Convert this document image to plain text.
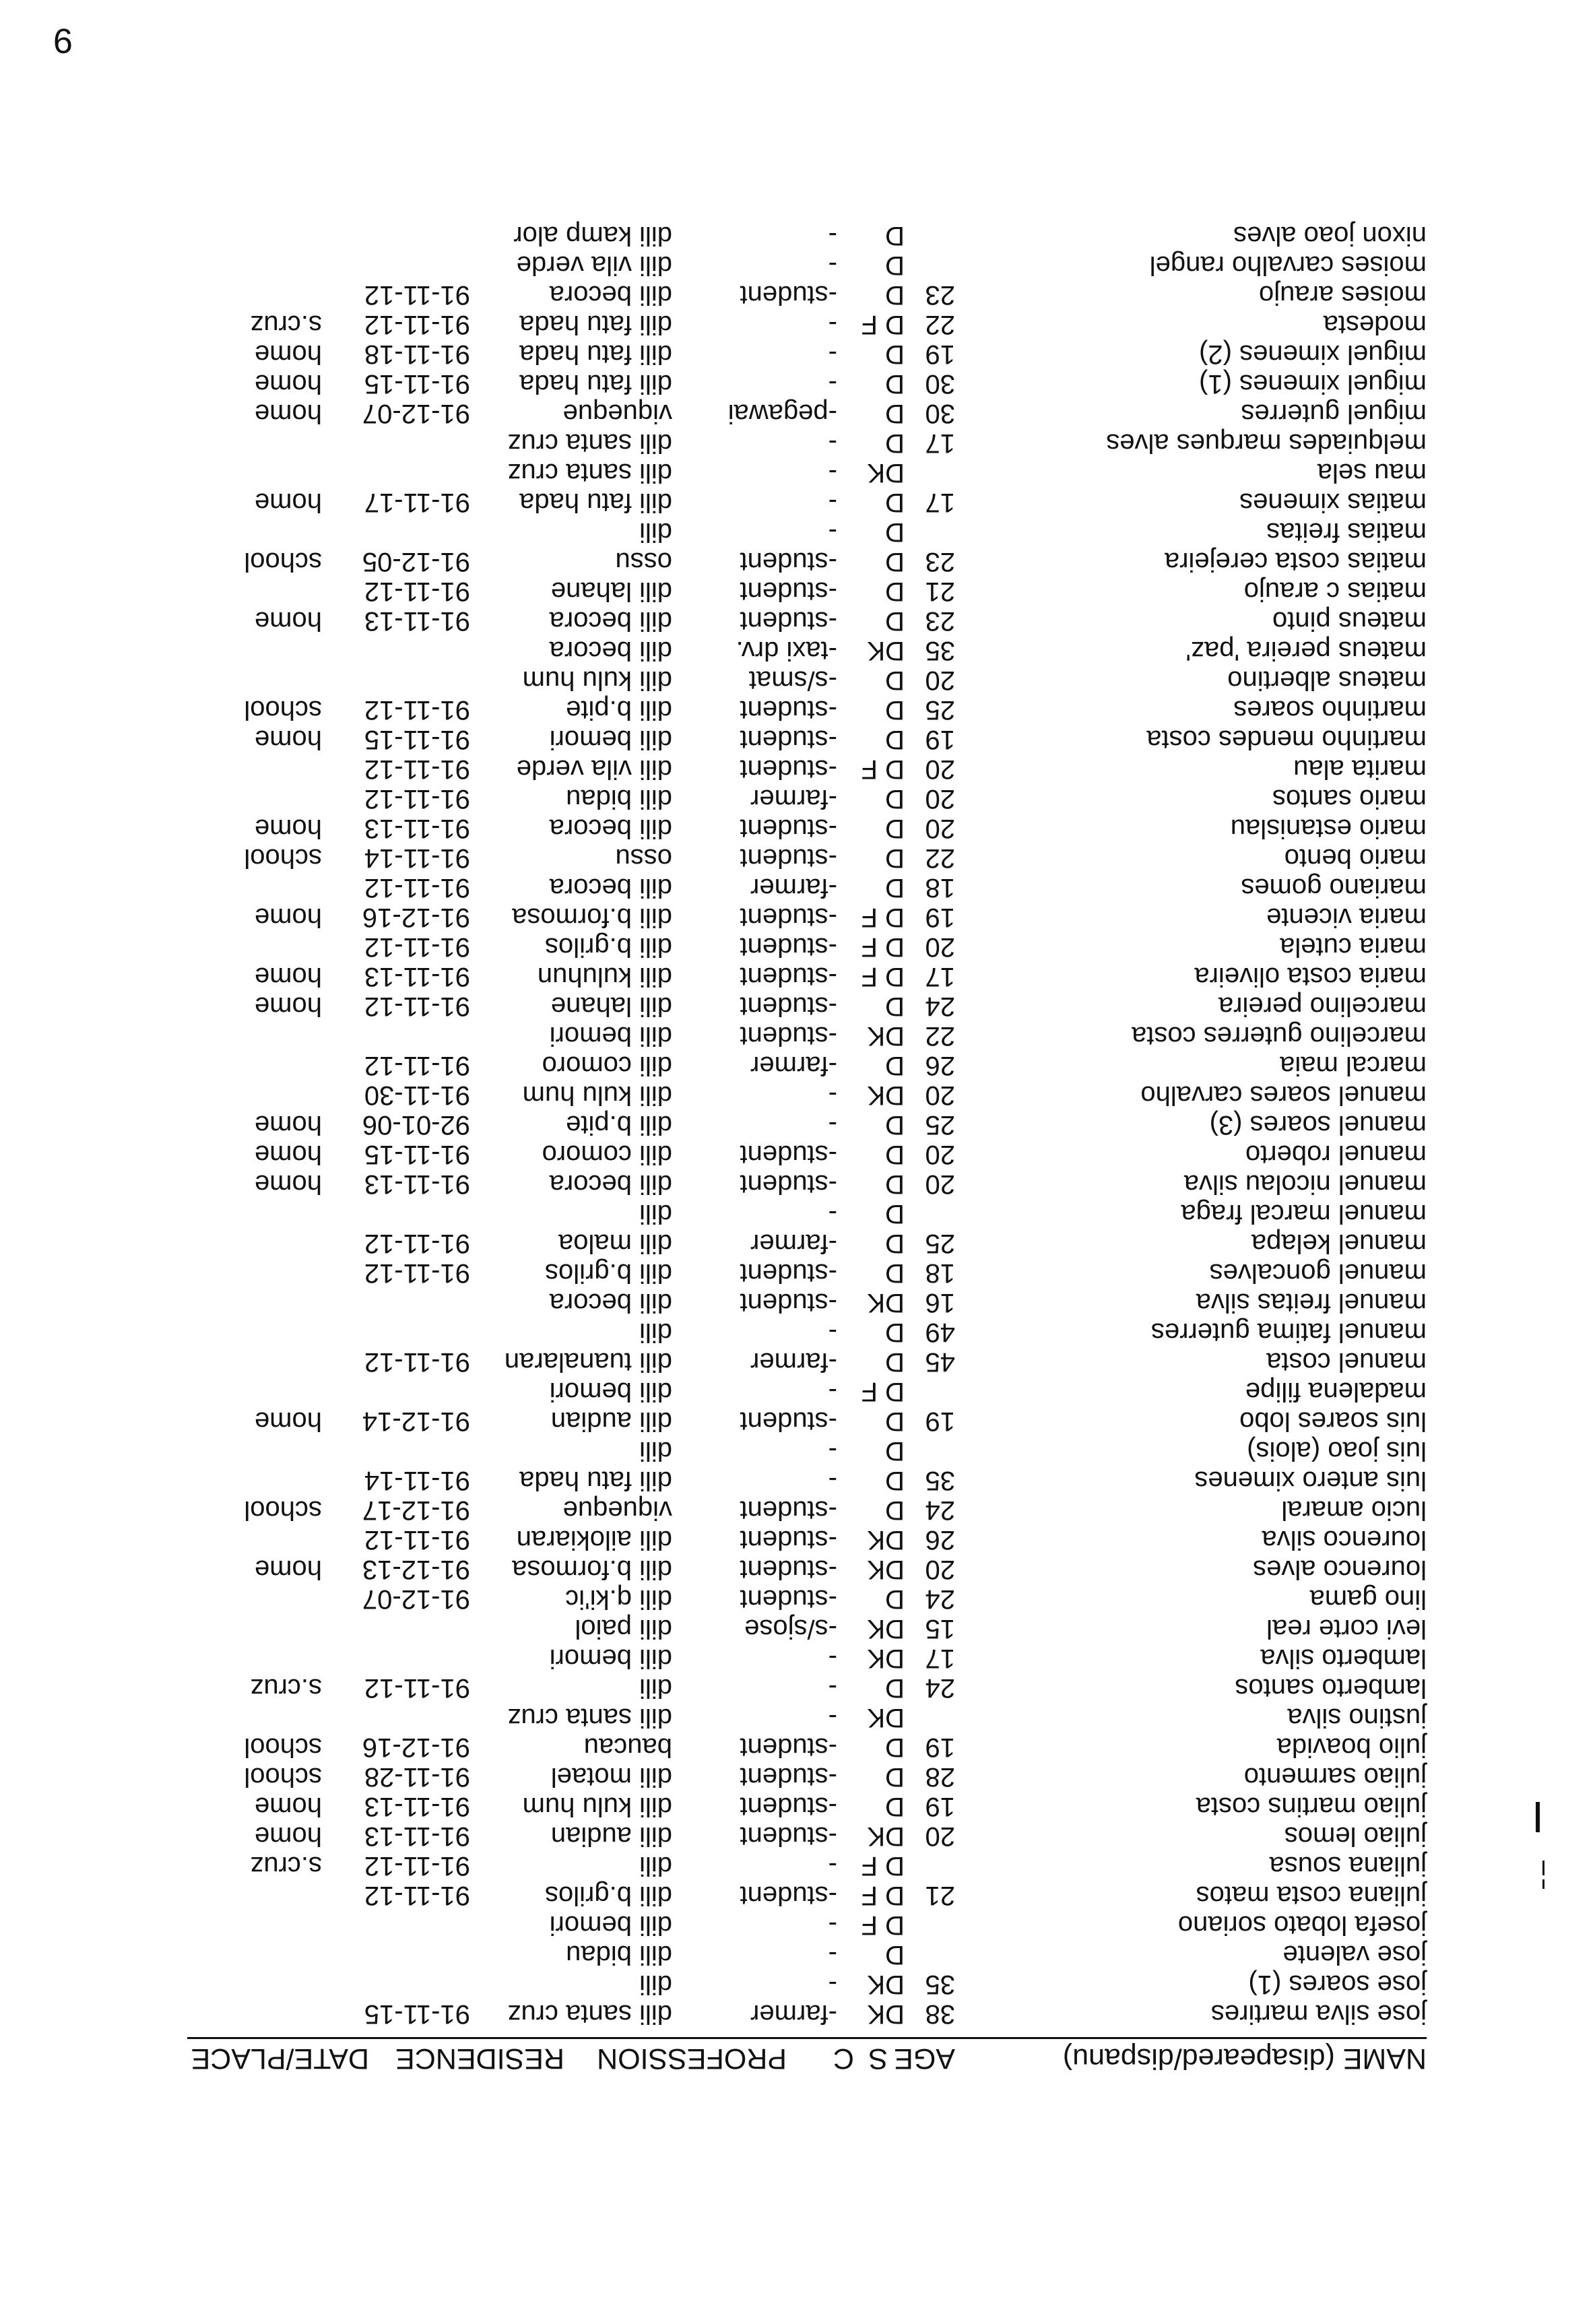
9
NAME (disapeared/dispanu)
AGE
S
C
PROFESSION
RESIDENCE
DATE/PLACE
jose silva martires
38
DK
-farmer
dili santa cruz
91-11-15
jose soares (1)
35
DK
-
dili
jose valente
D
-
dili bidau
josefa lobato soriano
D
F
-
dili bemori
juliana costa matos
21
D
F
-student
dili b.grilos
91-11-12
juliana sousa
D
F
-
dili
91-11-12
s.cruz
juliao lemos
20
DK
-student
dili audian
91-11-13
home
juliao martins costa
19
D
-student
dili kulu hum
91-11-13
home
juliao sarmento
28
D
-student
dili motael
91-11-28
school
julio boavida
19
D
-student
baucau
91-12-16
school
justino silva
DK
-
dili santa cruz
lamberto santos
24
D
-
dili
91-11-12
s.cruz
lamberto silva
17
DK
-
dili bemori
levi corte real
15
DK
-s/sjose
dili paiol
lino gama
24
D
-student
dili q.ki'ic
91-12-07
lourenco alves
20
DK
-student
dili b.formosa
91-12-13
home
lourenco silva
26
DK
-student
dili ailokiaran
91-11-12
lucio amaral
24
D
-student
viqueque
91-12-17
school
luis antero ximenes
35
D
-
dili fatu hada
91-11-14
luis joao (alois)
D
-
dili
luis soares lobo
19
D
-student
dili audian
91-12-14
home
madalena filipe
D
F
-
dili bemori
manuel costa
45
D
-farmer
dili tuanalaran
91-11-12
manuel fatima guterres
49
D
-
dili
manuel freitas silva
16
DK
-student
dili becora
manuel goncalves
18
D
-student
dili b.grilos
91-11-12
manuel kelapa
25
D
-farmer
dili maloa
91-11-12
manuel marcal fraga
D
-
dili
manuel nicolau silva
20
D
-student
dili becora
91-11-13
home
manuel roberto
20
D
-student
dili comoro
91-11-15
home
manuel soares (3)
25
D
-
dili b.pite
92-01-06
home
manuel soares carvalho
20
DK
-
dili kulu hum
91-11-30
marcal maia
26
D
-farmer
dili comoro
91-11-12
marcelino guterres costa
22
DK
-student
dili bemori
marcelino pereira
24
D
-student
dili lahane
91-11-12
home
maria costa oliveira
17
D
F
-student
dili kuluhun
91-11-13
home
maria cutela
20
D
F
-student
dili b.grilos
91-11-12
maria vicente
19
D
F
-student
dili b.formosa
91-12-16
home
mariano gomes
18
D
-farmer
dili becora
91-11-12
mario bento
22
D
-student
ossu
91-11-14
school
mario estanislau
20
D
-student
dili becora
91-11-13
home
mario santos
20
D
-farmer
dili bidau
91-11-12
marita alau
20
D
F
-student
dili vila verde
91-11-12
martinho mendes costa
19
D
-student
dili bemori
91-11-15
home
martinho soares
25
D
-student
dili b.pite
91-11-12
school
mateus albertino
20
D
-s/smat
dili kulu hum
mateus pereira 'paz'
35
DK
-taxi drv.
dili becora
mateus pinto
23
D
-student
dili becora
91-11-13
home
matias c araujo
21
D
-student
dili lahane
91-11-12
matias costa cerejeira
23
D
-student
ossu
91-12-05
school
matias freitas
D
-
dili
matias ximenes
17
D
-
dili fatu hada
91-11-17
home
mau sela
DK
-
dili santa cruz
melquiades marques alves
17
D
-
dili santa cruz
miguel guterres
30
D
-pegawai
viqueque
91-12-07
home
miguel ximenes (1)
30
D
-
dili fatu hada
91-11-15
home
miguel ximenes (2)
19
D
-
dili fatu hada
91-11-18
home
modesta
22
D
F
-
dili fatu hada
91-11-12
s.cruz
moises araujo
23
D
-student
dili becora
91-11-12
moises carvalho rangel
D
-
dili vila verde
nixon joao alves
D
-
dili kamp alor
